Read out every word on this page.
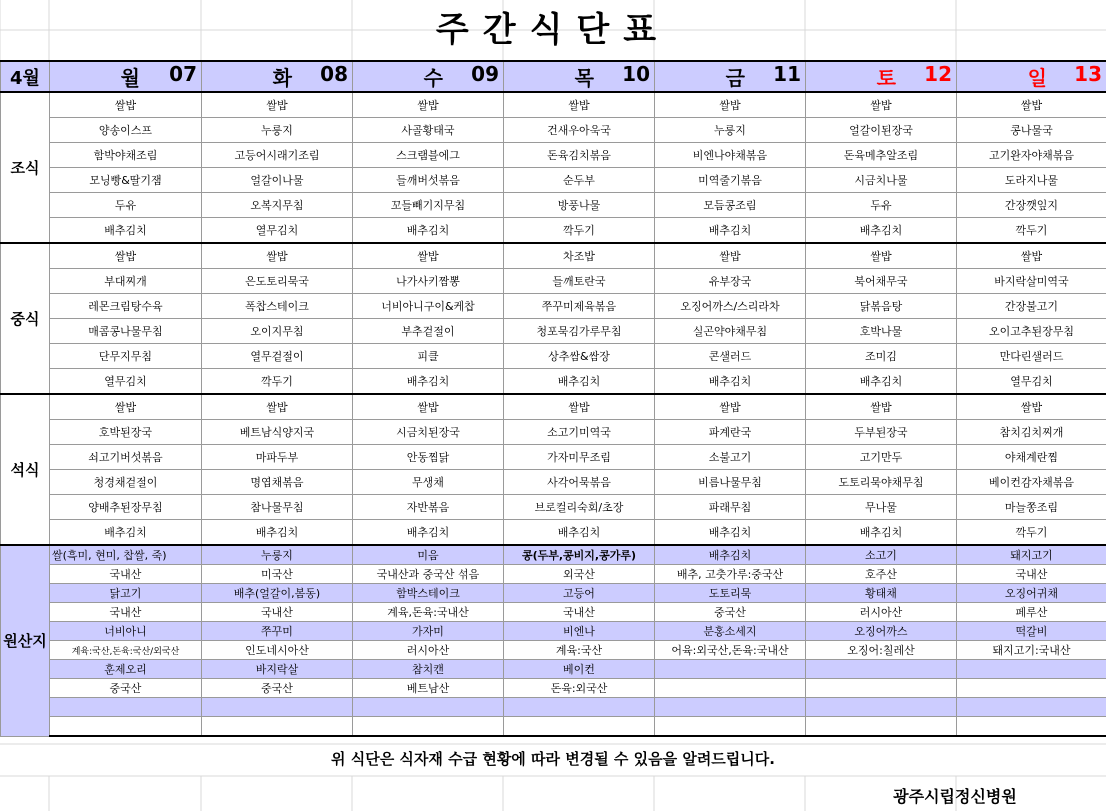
주간식단표
4월	월 07	화 08	수 09	목 10	금 11	토 12	일 13

조식	쌀밥	쌀밥	쌀밥	쌀밥	쌀밥	쌀밥	쌀밥
	양송이스프	누룽지	사골황태국	건새우아욱국	누룽지	얼갈이된장국	콩나물국
	함박야채조림	고등어시래기조림	스크램블에그	돈육김치볶음	비엔나야채볶음	돈육메추알조림	고기완자야채볶음
	모닝빵&딸기잼	얼갈이나물	들깨버섯볶음	순두부	미역줄기볶음	시금치나물	도라지나물
	두유	오복지무침	꼬들빼기지무침	방풍나물	모듬콩조림	두유	간장깻잎지
	배추김치	열무김치	배추김치	깍두기	배추김치	배추김치	깍두기
중식	쌀밥	쌀밥	쌀밥	차조밥	쌀밥	쌀밥	쌀밥
	부대찌개	은도토리묵국	나가사키짬뽕	들깨토란국	유부장국	북어채무국	바지락살미역국
	레몬크림탕수육	폭찹스테이크	너비아니구이&케찹	쭈꾸미제육볶음	오징어까스/스리라차	닭볶음탕	간장불고기
	매콤콩나물무침	오이지무침	부추겉절이	청포묵김가루무침	실곤약야채무침	호박나물	오이고추된장무침
	단무지무침	열무겉절이	피클	상추쌈&쌈장	콘샐러드	조미김	만다린샐러드
	열무김치	깍두기	배추김치	배추김치	배추김치	배추김치	열무김치
석식	쌀밥	쌀밥	쌀밥	쌀밥	쌀밥	쌀밥	쌀밥
	호박된장국	베트남식양지국	시금치된장국	소고기미역국	파계란국	두부된장국	참치김치찌개
	쇠고기버섯볶음	마파두부	안동찜닭	가자미무조림	소불고기	고기만두	야채계란찜
	청경채겉절이	명엽채볶음	무생채	사각어묵볶음	비름나물무침	도토리묵야채무침	베이컨감자채볶음
	양배추된장무침	참나물무침	자반볶음	브로컬리숙회/초장	파래무침	무나물	마늘쫑조림
	배추김치	배추김치	배추김치	배추김치	배추김치	배추김치	깍두기
원산지	쌀(흑미, 현미, 찹쌀, 죽)	누룽지	미음	콩(두부,콩비지,콩가루)	배추김치	소고기	돼지고기
	국내산	미국산	국내산과 중국산 섞음	외국산	배추, 고춧가루:중국산	호주산	국내산
	닭고기	배추(얼갈이,봄동)	함박스테이크	고등어	도토리묵	황태채	오징어귀채
	국내산	국내산	계육,돈육:국내산	국내산	중국산	러시아산	페루산
	너비아니	쭈꾸미	가자미	비엔나	분홍소세지	오징어까스	떡갈비
	계육:국산,돈육:국산/외국산	인도네시아산	러시아산	계육:국산	어육:외국산,돈육:국내산	오징어:칠레산	돼지고기:국내산
	훈제오리	바지락살	참치캔	베이컨			
	중국산	중국산	베트남산	돈육:외국산			

위 식단은 식자재 수급 현황에 따라 변경될 수 있음을 알려드립니다.
광주시립정신병원
